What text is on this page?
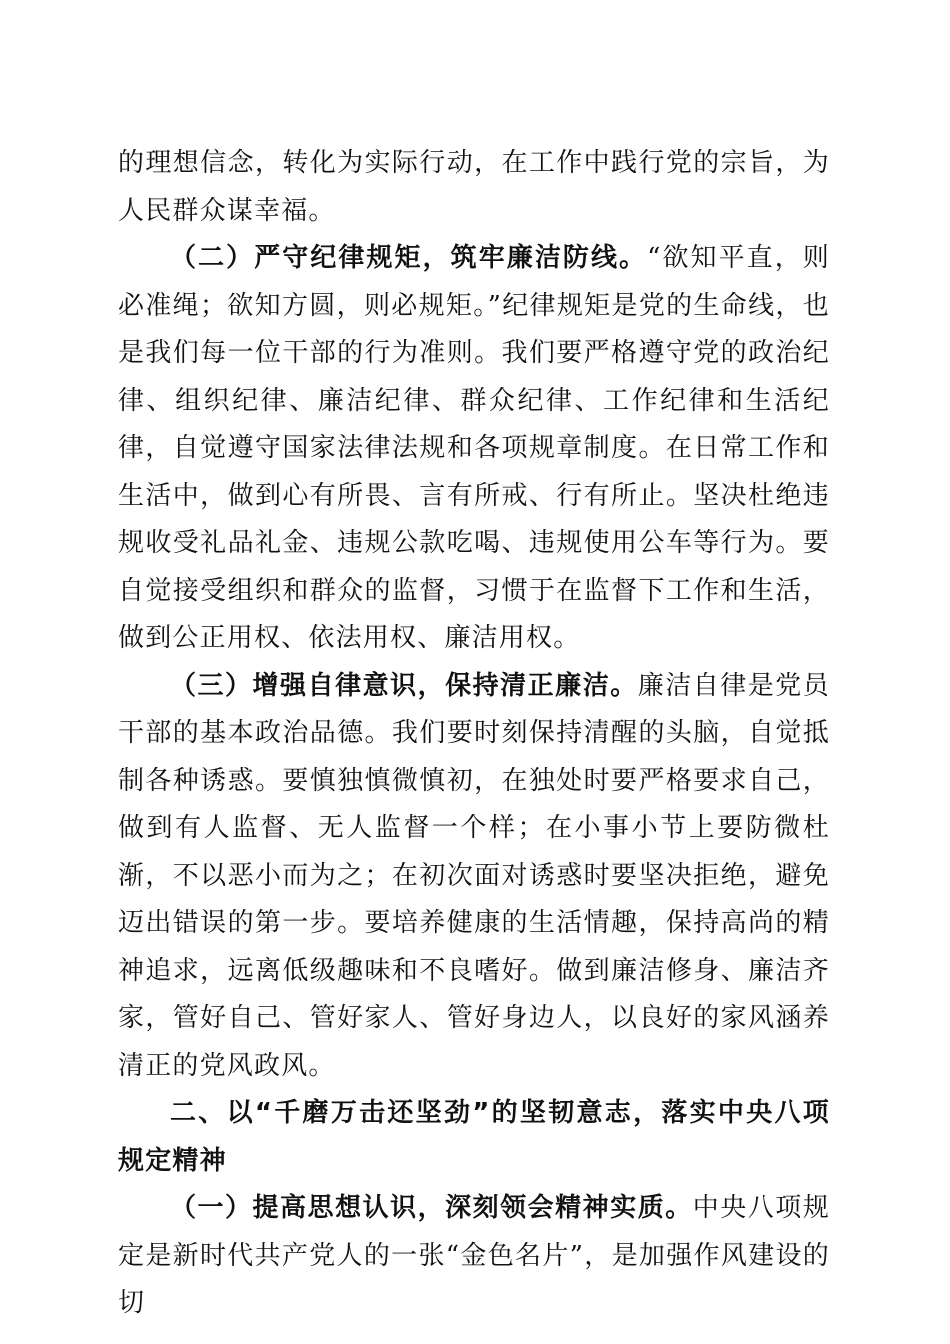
的理想信念，转化为实际行动，在工作中践行党的宗旨，为人民群众谋幸福。

（二）严守纪律规矩，筑牢廉洁防线。“欲知平直，则必准绳；欲知方圆，则必规矩。”纪律规矩是党的生命线，也是我们每一位干部的行为准则。我们要严格遵守党的政治纪律、组织纪律、廉洁纪律、群众纪律、工作纪律和生活纪律，自觉遵守国家法律法规和各项规章制度。在日常工作和生活中，做到心有所畏、言有所戒、行有所止。坚决杜绝违规收受礼品礼金、违规公款吃喝、违规使用公车等行为。要自觉接受组织和群众的监督，习惯于在监督下工作和生活，做到公正用权、依法用权、廉洁用权。

（三）增强自律意识，保持清正廉洁。廉洁自律是党员干部的基本政治品德。我们要时刻保持清醒的头脑，自觉抵制各种诱惑。要慎独慎微慎初，在独处时要严格要求自己，做到有人监督、无人监督一个样；在小事小节上要防微杜渐，不以恶小而为之；在初次面对诱惑时要坚决拒绝，避免迈出错误的第一步。要培养健康的生活情趣，保持高尚的精神追求，远离低级趣味和不良嗜好。做到廉洁修身、廉洁齐家，管好自己、管好家人、管好身边人，以良好的家风涵养清正的党风政风。

二、以“千磨万击还坚劲”的坚韧意志，落实中央八项规定精神

（一）提高思想认识，深刻领会精神实质。中央八项规定是新时代共产党人的一张“金色名片”，是加强作风建设的切
